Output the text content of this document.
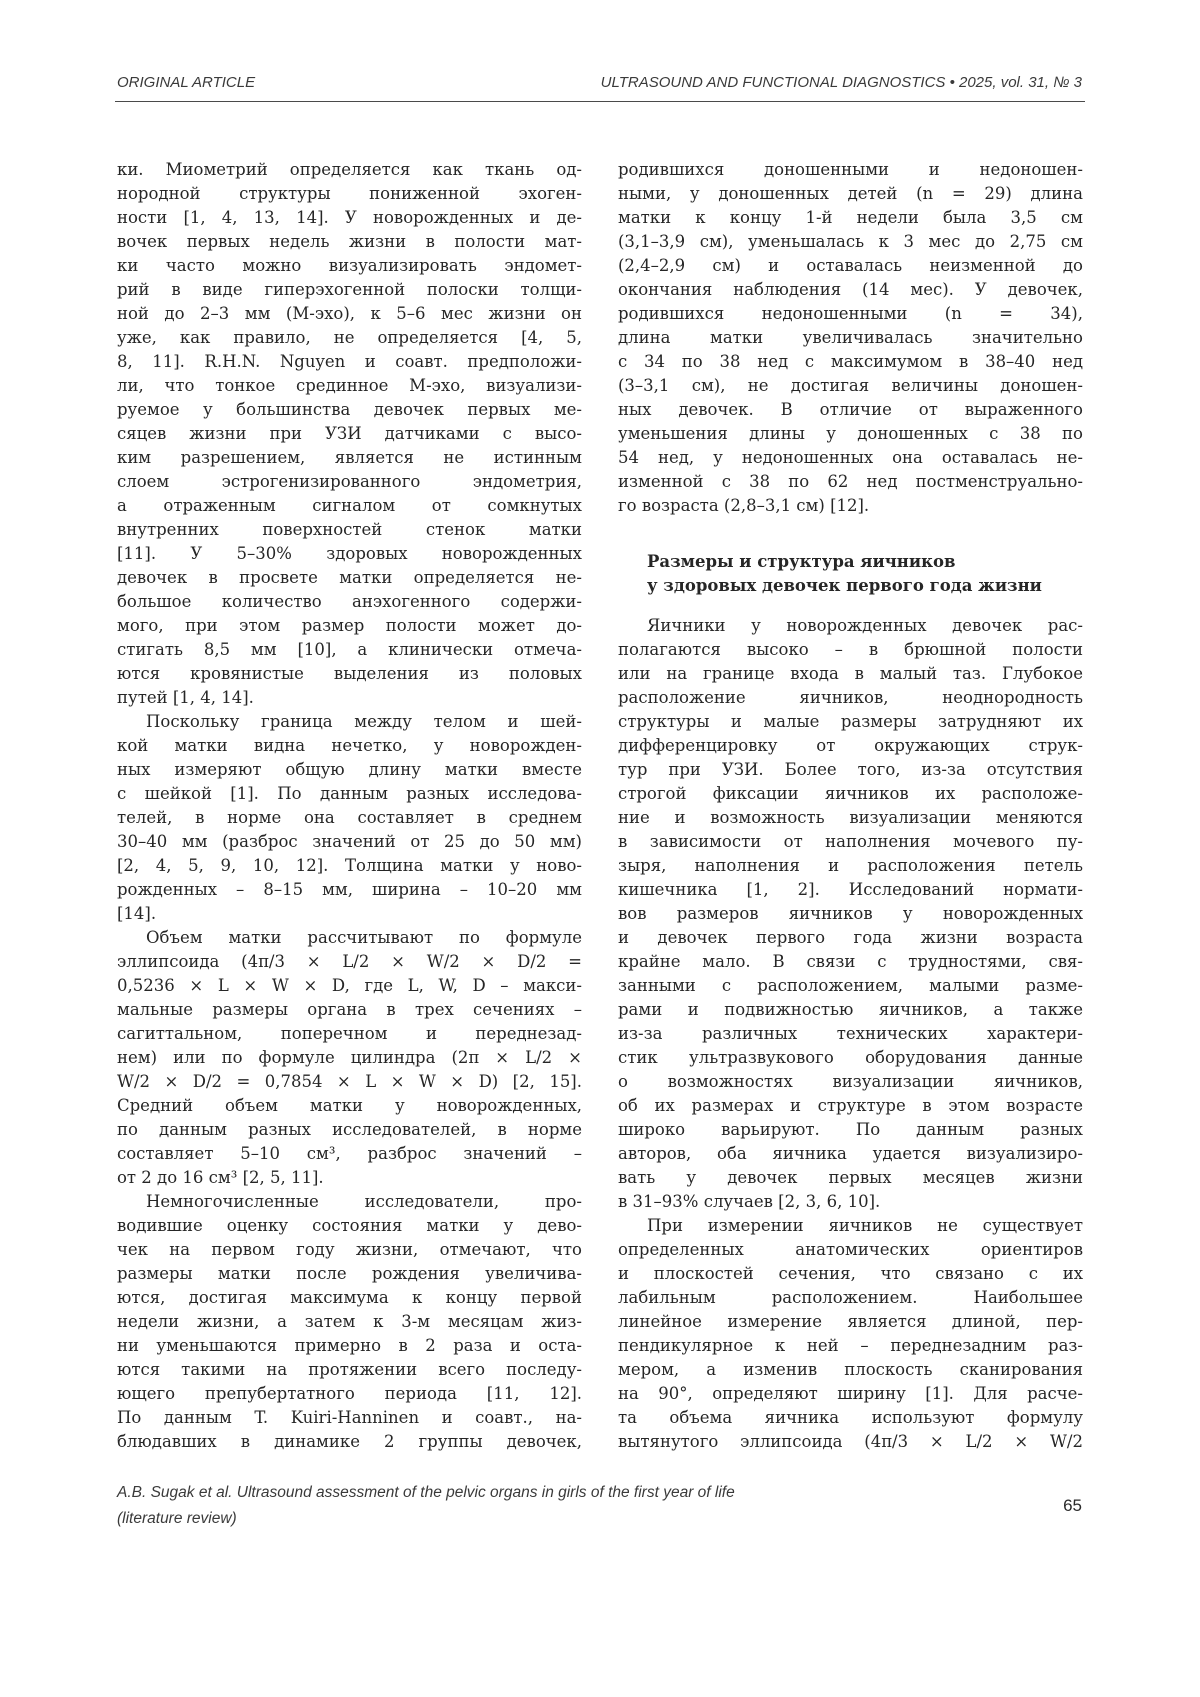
ORIGINAL ARTICLE	ULTRASOUND AND FUNCTIONAL DIAGNOSTICS • 2025, vol. 31, № 3
ки. Миометрий определяется как ткань од-
нородной структуры пониженной эхоген-
ности [1, 4, 13, 14]. У новорожденных и де-
вочек первых недель жизни в полости мат-
ки часто можно визуализировать эндомет-
рий в виде гиперэхогенной полоски толщи-
ной до 2–3 мм (М-эхо), к 5–6 мес жизни он
уже, как правило, не определяется [4, 5,
8, 11]. R.H.N. Nguyen и соавт. предположи-
ли, что тонкое срединное М-эхо, визуализи-
руемое у большинства девочек первых ме-
сяцев жизни при УЗИ датчиками с высо-
ким разрешением, является не истинным
слоем эстрогенизированного эндометрия,
а отраженным сигналом от сомкнутых
внутренних поверхностей стенок матки
[11]. У 5–30% здоровых новорожденных
девочек в просвете матки определяется не-
большое количество анэхогенного содержи-
мого, при этом размер полости может до-
стигать 8,5 мм [10], а клинически отмеча-
ются кровянистые выделения из половых
путей [1, 4, 14].
Поскольку граница между телом и шей-
кой матки видна нечетко, у новорожден-
ных измеряют общую длину матки вместе
с шейкой [1]. По данным разных исследова-
телей, в норме она составляет в среднем
30–40 мм (разброс значений от 25 до 50 мм)
[2, 4, 5, 9, 10, 12]. Толщина матки у ново-
рожденных – 8–15 мм, ширина – 10–20 мм
[14].
Объем матки рассчитывают по формуле
эллипсоида (4π/3 × L/2 × W/2 × D/2 =
0,5236 × L × W × D, где L, W, D – макси-
мальные размеры органа в трех сечениях –
сагиттальном, поперечном и переднезад-
нем) или по формуле цилиндра (2π × L/2 ×
W/2 × D/2 = 0,7854 × L × W × D) [2, 15].
Средний объем матки у новорожденных,
по данным разных исследователей, в норме
составляет 5–10 см³, разброс значений –
от 2 до 16 см³ [2, 5, 11].
Немногочисленные исследователи, про-
водившие оценку состояния матки у дево-
чек на первом году жизни, отмечают, что
размеры матки после рождения увеличива-
ются, достигая максимума к концу первой
недели жизни, а затем к 3-м месяцам жиз-
ни уменьшаются примерно в 2 раза и оста-
ются такими на протяжении всего последу-
ющего препубертатного периода [11, 12].
По данным T. Kuiri-Hanninen и соавт., на-
блюдавших в динамике 2 группы девочек,
родившихся доношенными и недоношен-
ными, у доношенных детей (n = 29) длина
матки к концу 1-й недели была 3,5 см
(3,1–3,9 см), уменьшалась к 3 мес до 2,75 см
(2,4–2,9 см) и оставалась неизменной до
окончания наблюдения (14 мес). У девочек,
родившихся недоношенными (n = 34),
длина матки увеличивалась значительно
с 34 по 38 нед с максимумом в 38–40 нед
(3–3,1 см), не достигая величины доношен-
ных девочек. В отличие от выраженного
уменьшения длины у доношенных с 38 по
54 нед, у недоношенных она оставалась не-
изменной с 38 по 62 нед постменструально-
го возраста (2,8–3,1 см) [12].
Размеры и структура яичников
у здоровых девочек первого года жизни
Яичники у новорожденных девочек рас-
полагаются высоко – в брюшной полости
или на границе входа в малый таз. Глубокое
расположение яичников, неоднородность
структуры и малые размеры затрудняют их
дифференцировку от окружающих струк-
тур при УЗИ. Более того, из-за отсутствия
строгой фиксации яичников их расположе-
ние и возможность визуализации меняются
в зависимости от наполнения мочевого пу-
зыря, наполнения и расположения петель
кишечника [1, 2]. Исследований нормати-
вов размеров яичников у новорожденных
и девочек первого года жизни возраста
крайне мало. В связи с трудностями, свя-
занными с расположением, малыми разме-
рами и подвижностью яичников, а также
из-за различных технических характери-
стик ультразвукового оборудования данные
о возможностях визуализации яичников,
об их размерах и структуре в этом возрасте
широко варьируют. По данным разных
авторов, оба яичника удается визуализиро-
вать у девочек первых месяцев жизни
в 31–93% случаев [2, 3, 6, 10].
При измерении яичников не существует
определенных анатомических ориентиров
и плоскостей сечения, что связано с их
лабильным расположением. Наибольшее
линейное измерение является длиной, пер-
пендикулярное к ней – переднезадним раз-
мером, а изменив плоскость сканирования
на 90°, определяют ширину [1]. Для расче-
та объема яичника используют формулу
вытянутого эллипсоида (4π/3 × L/2 × W/2
A.B. Sugak et al. Ultrasound assessment of the pelvic organs in girls of the first year of life
(literature review)
65
